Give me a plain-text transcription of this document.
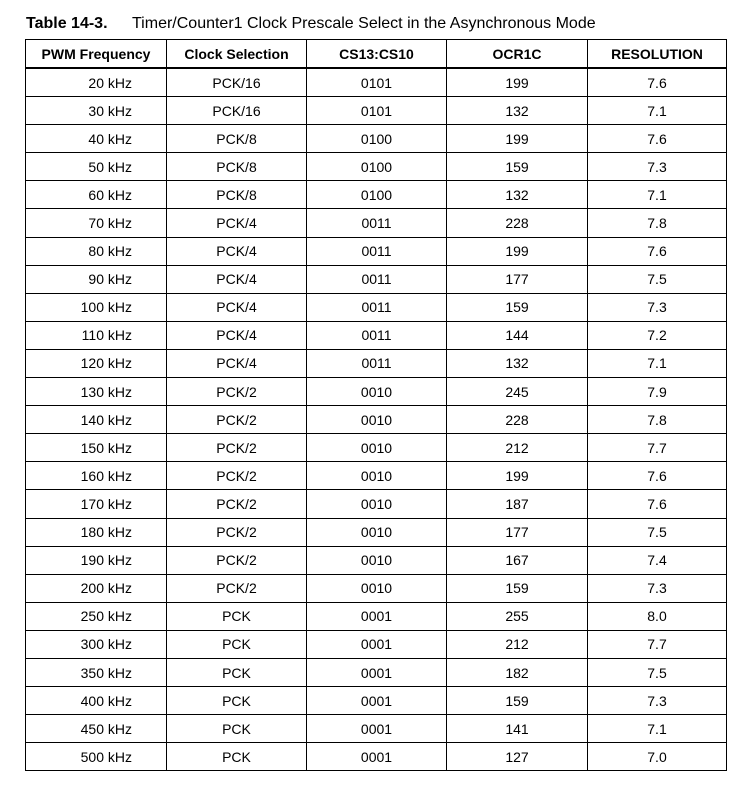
Table 14-3. Timer/Counter1 Clock Prescale Select in the Asynchronous Mode
PWM Frequency	Clock Selection	CS13:CS10	OCR1C	RESOLUTION
20 kHz	PCK/16	0101	199	7.6
30 kHz	PCK/16	0101	132	7.1
40 kHz	PCK/8	0100	199	7.6
50 kHz	PCK/8	0100	159	7.3
60 kHz	PCK/8	0100	132	7.1
70 kHz	PCK/4	0011	228	7.8
80 kHz	PCK/4	0011	199	7.6
90 kHz	PCK/4	0011	177	7.5
100 kHz	PCK/4	0011	159	7.3
110 kHz	PCK/4	0011	144	7.2
120 kHz	PCK/4	0011	132	7.1
130 kHz	PCK/2	0010	245	7.9
140 kHz	PCK/2	0010	228	7.8
150 kHz	PCK/2	0010	212	7.7
160 kHz	PCK/2	0010	199	7.6
170 kHz	PCK/2	0010	187	7.6
180 kHz	PCK/2	0010	177	7.5
190 kHz	PCK/2	0010	167	7.4
200 kHz	PCK/2	0010	159	7.3
250 kHz	PCK	0001	255	8.0
300 kHz	PCK	0001	212	7.7
350 kHz	PCK	0001	182	7.5
400 kHz	PCK	0001	159	7.3
450 kHz	PCK	0001	141	7.1
500 kHz	PCK	0001	127	7.0
